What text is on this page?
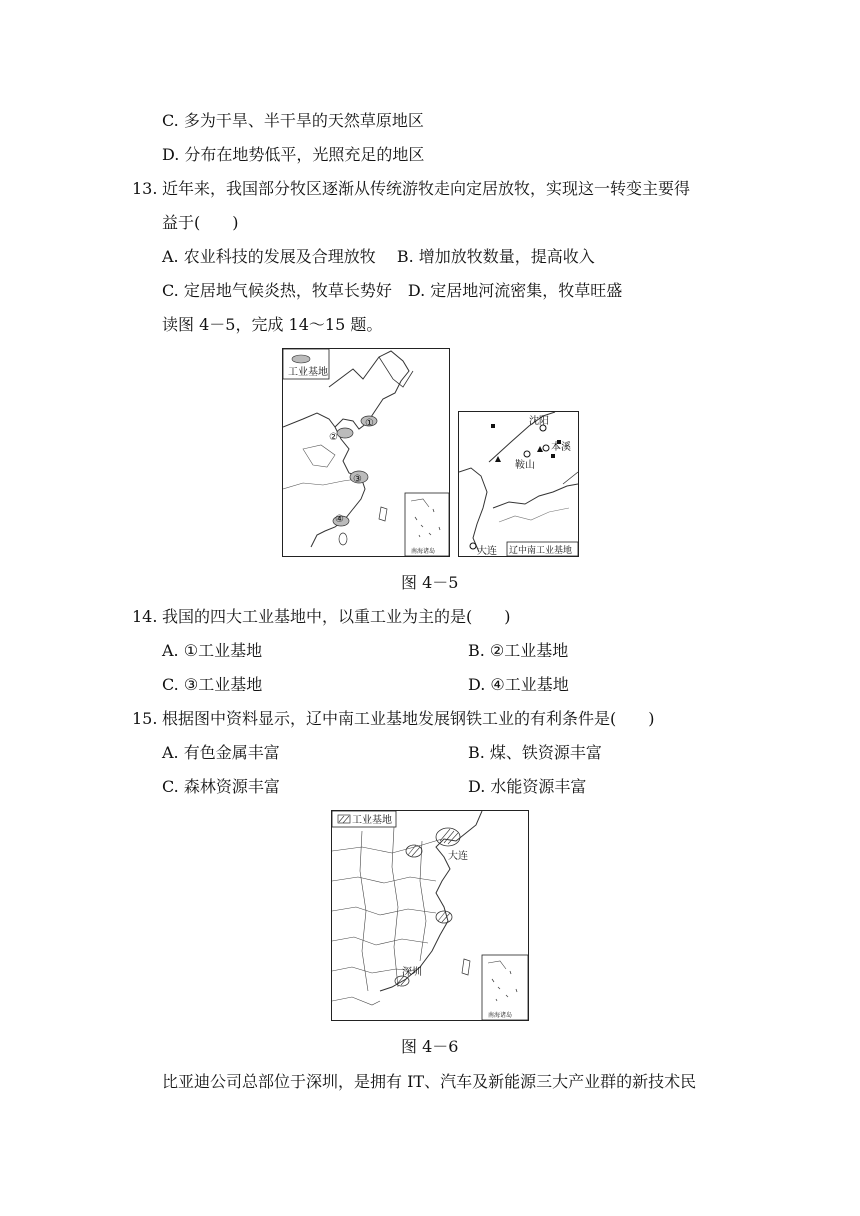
C. 多为干旱、半干旱的天然草原地区
D. 分布在地势低平，光照充足的地区
13. 近年来，我国部分牧区逐渐从传统游牧走向定居放牧，实现这一转变主要得
益于(　　)
A. 农业科技的发展及合理放牧　 B. 增加放牧数量，提高收入
C. 定居地气候炎热，牧草长势好　D. 定居地河流密集，牧草旺盛
读图 4－5，完成 14～15 题。
工业基地
①
②
③
④
南海诸岛
沈阳
本溪
鞍山
大连 辽中南工业基地
图 4－5
14. 我国的四大工业基地中，以重工业为主的是(　　)
A. ①工业基地	B. ②工业基地
C. ③工业基地	D. ④工业基地
15. 根据图中资料显示，辽中南工业基地发展钢铁工业的有利条件是(　　)
A. 有色金属丰富	B. 煤、铁资源丰富
C. 森林资源丰富	D. 水能资源丰富
工业基地
大连
深圳
南海诸岛
图 4－6
比亚迪公司总部位于深圳，是拥有 IT、汽车及新能源三大产业群的新技术民
